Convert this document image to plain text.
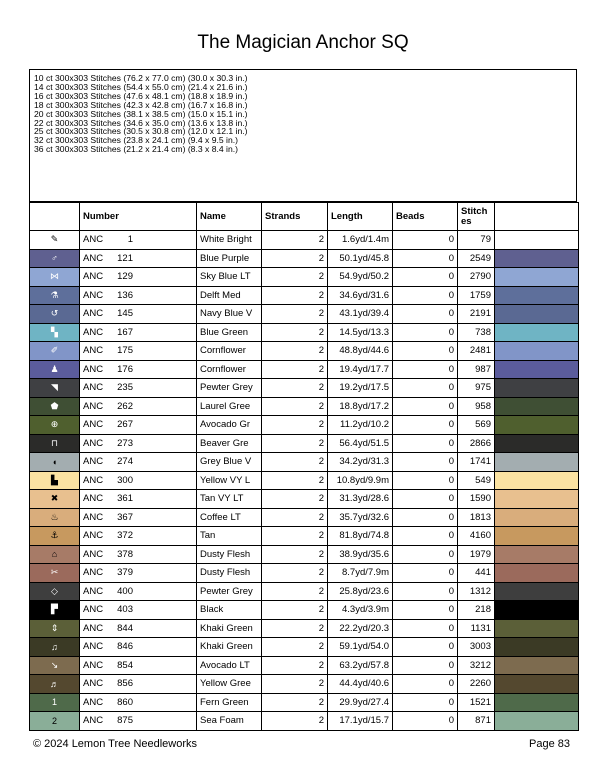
The Magician Anchor SQ
10 ct 300x303 Stitches (76.2 x 77.0 cm) (30.0 x 30.3 in.)
14 ct 300x303 Stitches (54.4 x 55.0 cm) (21.4 x 21.6 in.)
16 ct 300x303 Stitches (47.6 x 48.1 cm) (18.8 x 18.9 in.)
18 ct 300x303 Stitches (42.3 x 42.8 cm) (16.7 x 16.8 in.)
20 ct 300x303 Stitches (38.1 x 38.5 cm) (15.0 x 15.1 in.)
22 ct 300x303 Stitches (34.6 x 35.0 cm) (13.6 x 13.8 in.)
25 ct 300x303 Stitches (30.5 x 30.8 cm) (12.0 x 12.1 in.)
32 ct 300x303 Stitches (23.8 x 24.1 cm) (9.4 x 9.5 in.)
36 ct 300x303 Stitches (21.2 x 21.4 cm) (8.3 x 8.4 in.)
	Number	Name	Strands	Length	Beads	Stitches	
✎	ANC 1	White Bright	2	1.6yd/1.4m	0	79	
♂	ANC 121	Blue Purple	2	50.1yd/45.8	0	2549	
⋈	ANC 129	Sky Blue LT	2	54.9yd/50.2	0	2790	
⚗	ANC 136	Delft Med	2	34.6yd/31.6	0	1759	
↺	ANC 145	Navy Blue V	2	43.1yd/39.4	0	2191	
▚	ANC 167	Blue Green	2	14.5yd/13.3	0	738	
✐	ANC 175	Cornflower	2	48.8yd/44.6	0	2481	
♟	ANC 176	Cornflower	2	19.4yd/17.7	0	987	
◥	ANC 235	Pewter Grey	2	19.2yd/17.5	0	975	
⬟	ANC 262	Laurel Gree	2	18.8yd/17.2	0	958	
⊕	ANC 267	Avocado Gr	2	11.2yd/10.2	0	569	
⊓	ANC 273	Beaver Gre	2	56.4yd/51.5	0	2866	
◖	ANC 274	Grey Blue V	2	34.2yd/31.3	0	1741	
▙	ANC 300	Yellow VY L	2	10.8yd/9.9m	0	549	
✖	ANC 361	Tan VY LT	2	31.3yd/28.6	0	1590	
♨	ANC 367	Coffee LT	2	35.7yd/32.6	0	1813	
⚓	ANC 372	Tan	2	81.8yd/74.8	0	4160	
⌂	ANC 378	Dusty Flesh	2	38.9yd/35.6	0	1979	
✂	ANC 379	Dusty Flesh	2	8.7yd/7.9m	0	441	
◇	ANC 400	Pewter Grey	2	25.8yd/23.6	0	1312	
▛	ANC 403	Black	2	4.3yd/3.9m	0	218	
⇕	ANC 844	Khaki Green	2	22.2yd/20.3	0	1131	
♫	ANC 846	Khaki Green	2	59.1yd/54.0	0	3003	
↘	ANC 854	Avocado LT	2	63.2yd/57.8	0	3212	
♬	ANC 856	Yellow Gree	2	44.4yd/40.6	0	2260	
1	ANC 860	Fern Green	2	29.9yd/27.4	0	1521	
2	ANC 875	Sea Foam	2	17.1yd/15.7	0	871	
© 2024 Lemon Tree Needleworks	Page 83
